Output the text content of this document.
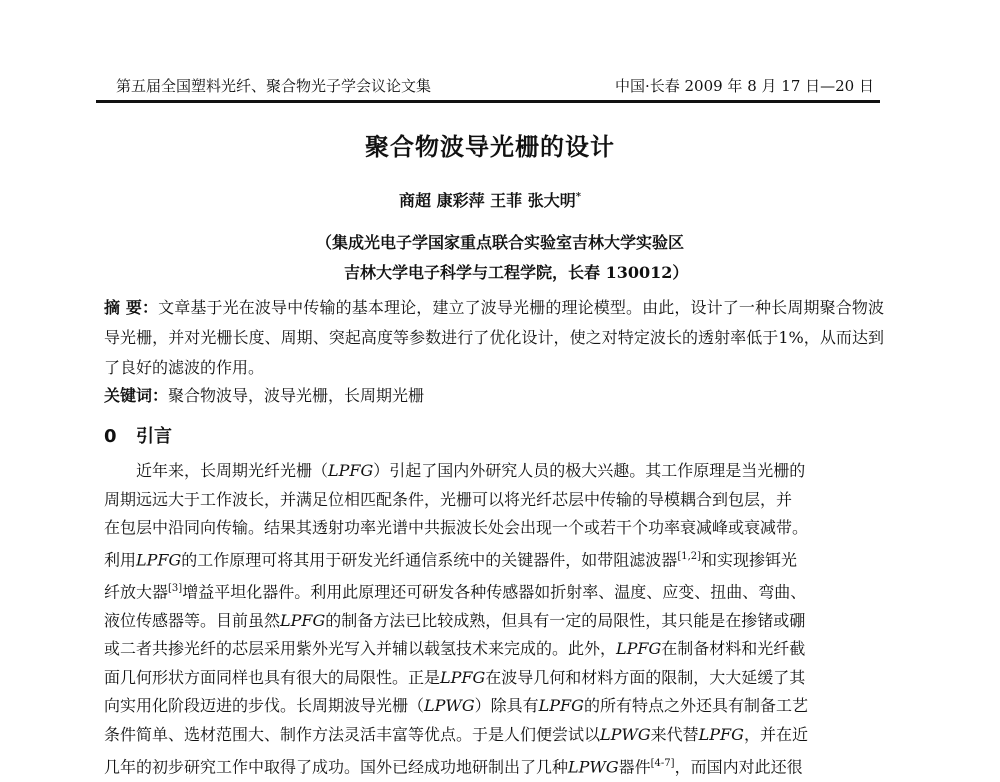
第五届全国塑料光纤、聚合物光子学会议论文集	中国·长春 2009 年 8 月 17 日—20 日
聚合物波导光栅的设计
商超 康彩萍 王菲 张大明*
（集成光电子学国家重点联合实验室吉林大学实验区
吉林大学电子科学与工程学院，长春 130012）
摘 要：文章基于光在波导中传输的基本理论，建立了波导光栅的理论模型。由此，设计了一种长周期聚合物波导光栅，并对光栅长度、周期、突起高度等参数进行了优化设计，使之对特定波长的透射率低于1%，从而达到了良好的滤波的作用。
关键词：聚合物波导，波导光栅，长周期光栅
0 引言
近年来，长周期光纤光栅（LPFG）引起了国内外研究人员的极大兴趣。其工作原理是当光栅的
周期远远大于工作波长，并满足位相匹配条件，光栅可以将光纤芯层中传输的导模耦合到包层，并
在包层中沿同向传输。结果其透射功率光谱中共振波长处会出现一个或若干个功率衰减峰或衰减带。
利用LPFG的工作原理可将其用于研发光纤通信系统中的关键器件，如带阻滤波器[1,2]和实现掺铒光
纤放大器[3]增益平坦化器件。利用此原理还可研发各种传感器如折射率、温度、应变、扭曲、弯曲、
液位传感器等。目前虽然LPFG的制备方法已比较成熟，但具有一定的局限性，其只能是在掺锗或硼
或二者共掺光纤的芯层采用紫外光写入并辅以载氢技术来完成的。此外，LPFG在制备材料和光纤截
面几何形状方面同样也具有很大的局限性。正是LPFG在波导几何和材料方面的限制，大大延缓了其
向实用化阶段迈进的步伐。长周期波导光栅（LPWG）除具有LPFG的所有特点之外还具有制备工艺
条件简单、选材范围大、制作方法灵活丰富等优点。于是人们便尝试以LPWG来代替LPFG，并在近
几年的初步研究工作中取得了成功。国外已经成功地研制出了几种LPWG器件[4-7]，而国内对此还很
